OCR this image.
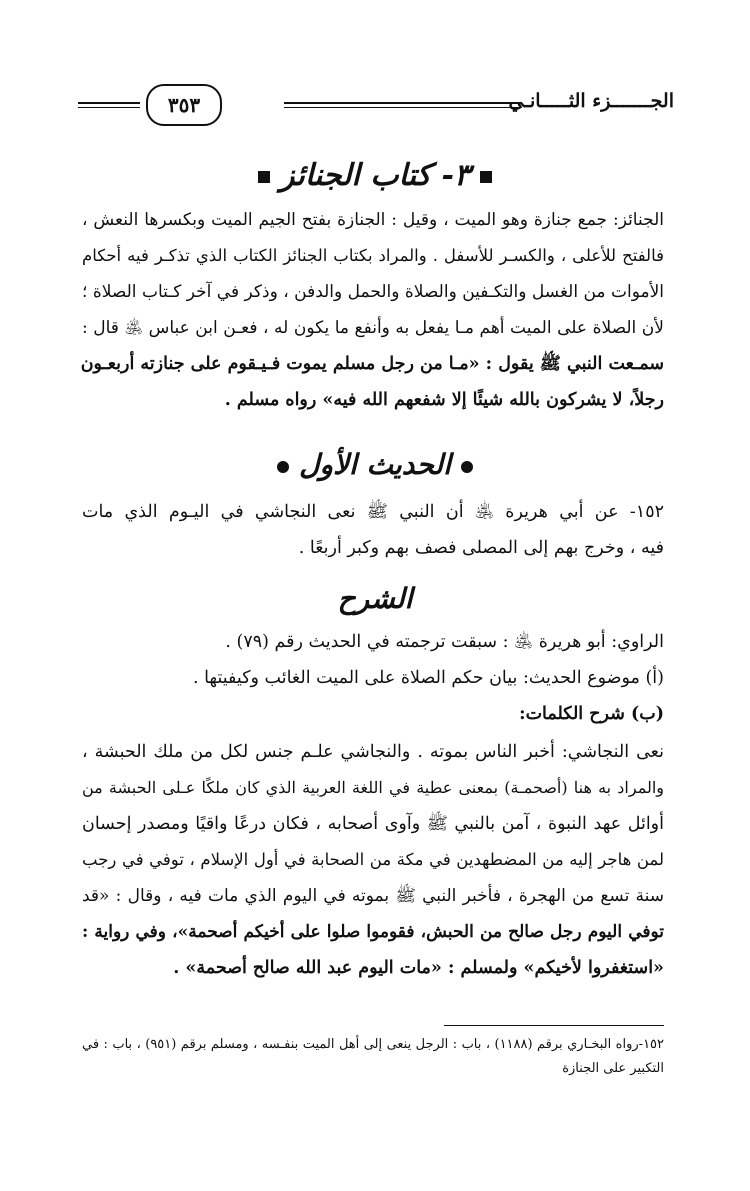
الجـــــــزء الثـــــانـي
٣٥٣
٣- كتاب الجنائز
الجنائز: جمع جنازة وهو الميت ، وقيل : الجنازة بفتح الجيم الميت وبكسرها النعش ،
فالفتح للأعلى ، والكسـر للأسفل . والمراد بكتاب الجنائز الكتاب الذي تذكـر فيه أحكام
الأموات من الغسل والتكـفين والصلاة والحمل والدفن ، وذكر في آخر كـتاب الصلاة ؛
لأن الصلاة على الميت أهم مـا يفعل به وأنفع ما يكون له ، فعـن ابن عباس ﵁ قال :
سمـعت النبي ﷺ يقول : «مـا من رجل مسلم يموت فـيـقوم على جنازته أربعـون
رجلاً، لا يشركون بالله شيئًا إلا شفعهم الله فيه» رواه مسلم .
الحديث الأول
١٥٢- عن أبي هريرة ﵁ أن النبي ﷺ نعى النجاشي في اليـوم الذي مات
فيه ، وخرج بهم إلى المصلى فصف بهم وكبر أربعًا .
الشرح
الراوي: أبو هريرة ﵁ : سبقت ترجمته في الحديث رقم (٧٩) .
(أ) موضوع الحديث: بيان حكم الصلاة على الميت الغائب وكيفيتها .
(ب) شرح الكلمات:
نعى النجاشي: أخبر الناس بموته . والنجاشي علـم جنس لكل من ملك الحبشة ،
والمراد به هنا (أصحمـة) بمعنى عطية في اللغة العربية الذي كان ملكًا عـلى الحبشة من
أوائل عهد النبوة ، آمن بالنبي ﷺ وآوى أصحابه ، فكان درعًا واقيًا ومصدر إحسان
لمن هاجر إليه من المضطهدين في مكة من الصحابة في أول الإسلام ، توفي في رجب
سنة تسع من الهجرة ، فأخبر النبي ﷺ بموته في اليوم الذي مات فيه ، وقال : «قد
توفي اليوم رجل صالح من الحبش، فقوموا صلوا على أخيكم أصحمة»، وفي رواية :
«استغفروا لأخيكم» ولمسلم : «مات اليوم عبد الله صالح أصحمة» .
١٥٢-رواه البخـاري برقم (١١٨٨) ، باب : الرجل ينعى إلى أهل الميت بنفـسه ، ومسلم برقم (٩٥١) ، باب : في
التكبير على الجنازة
